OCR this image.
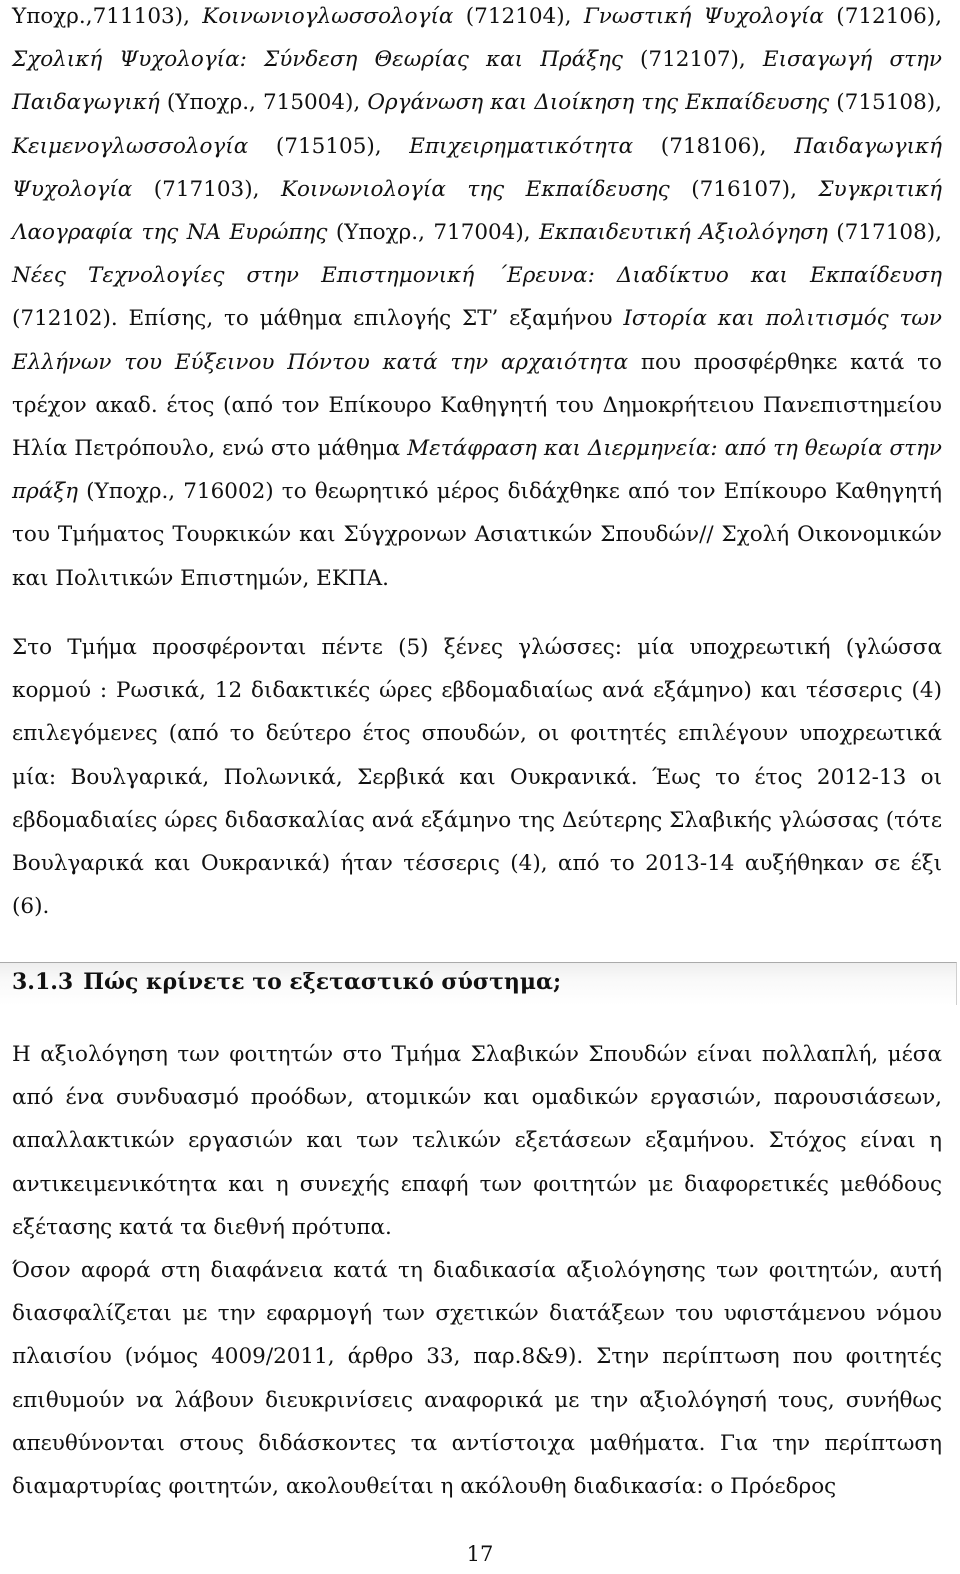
Υποχρ.,711103), Κοινωνιογλωσσολογία (712104), Γνωστική Ψυχολογία (712106), Σχολική Ψυχολογία: Σύνδεση Θεωρίας και Πράξης (712107), Εισαγωγή στην Παιδαγωγική (Υποχρ., 715004), Οργάνωση και Διοίκηση της Εκπαίδευσης (715108), Κειμενογλωσσολογία (715105), Επιχειρηματικότητα (718106), Παιδαγωγική Ψυχολογία (717103), Κοινωνιολογία της Εκπαίδευσης (716107), Συγκριτική Λαογραφία της ΝΑ Ευρώπης (Υποχρ., 717004), Εκπαιδευτική Αξιολόγηση (717108), Νέες Τεχνολογίες στην Επιστημονική ΄Ερευνα: Διαδίκτυο και Εκπαίδευση (712102). Επίσης, το μάθημα επιλογής ΣΤ’ εξαμήνου Ιστορία και πολιτισμός των Ελλήνων του Εύξεινου Πόντου κατά την αρχαιότητα που προσφέρθηκε κατά το τρέχον ακαδ. έτος (από τον Επίκουρο Καθηγητή του Δημοκρήτειου Πανεπιστημείου Ηλία Πετρόπουλο, ενώ στο μάθημα Μετάφραση και Διερμηνεία: από τη θεωρία στην πράξη (Υποχρ., 716002) το θεωρητικό μέρος διδάχθηκε από τον Επίκουρο Καθηγητή του Τμήματος Τουρκικών και Σύγχρονων Ασιατικών Σπουδών// Σχολή Οικονομικών και Πολιτικών Επιστημών, ΕΚΠΑ.

Στο Τμήμα προσφέρονται πέντε (5) ξένες γλώσσες: μία υποχρεωτική (γλώσσα κορμού : Ρωσικά, 12 διδακτικές ώρες εβδομαδιαίως ανά εξάμηνο) και τέσσερις (4) επιλεγόμενες (από το δεύτερο έτος σπουδών, οι φοιτητές επιλέγουν υποχρεωτικά μία: Βουλγαρικά, Πολωνικά, Σερβικά και Ουκρανικά. Έως το έτος 2012-13 οι εβδομαδιαίες ώρες διδασκαλίας ανά εξάμηνο της Δεύτερης Σλαβικής γλώσσας (τότε Βουλγαρικά και Ουκρανικά) ήταν τέσσερις (4), από το 2013-14 αυξήθηκαν σε έξι (6).

3.1.3 Πώς κρίνετε το εξεταστικό σύστημα;

Η αξιολόγηση των φοιτητών στο Τμήμα Σλαβικών Σπουδών είναι πολλαπλή, μέσα από ένα συνδυασμό προόδων, ατομικών και ομαδικών εργασιών, παρουσιάσεων, απαλλακτικών εργασιών και των τελικών εξετάσεων εξαμήνου. Στόχος είναι η αντικειμενικότητα και η συνεχής επαφή των φοιτητών με διαφορετικές μεθόδους εξέτασης κατά τα διεθνή πρότυπα.

Όσον αφορά στη διαφάνεια κατά τη διαδικασία αξιολόγησης των φοιτητών, αυτή διασφαλίζεται με την εφαρμογή των σχετικών διατάξεων του υφιστάμενου νόμου πλαισίου (νόμος 4009/2011, άρθρο 33, παρ.8&9). Στην περίπτωση που φοιτητές επιθυμούν να λάβουν διευκρινίσεις αναφορικά με την αξιολόγησή τους, συνήθως απευθύνονται στους διδάσκοντες τα αντίστοιχα μαθήματα. Για την περίπτωση διαμαρτυρίας φοιτητών, ακολουθείται η ακόλουθη διαδικασία: ο Πρόεδρος

17
